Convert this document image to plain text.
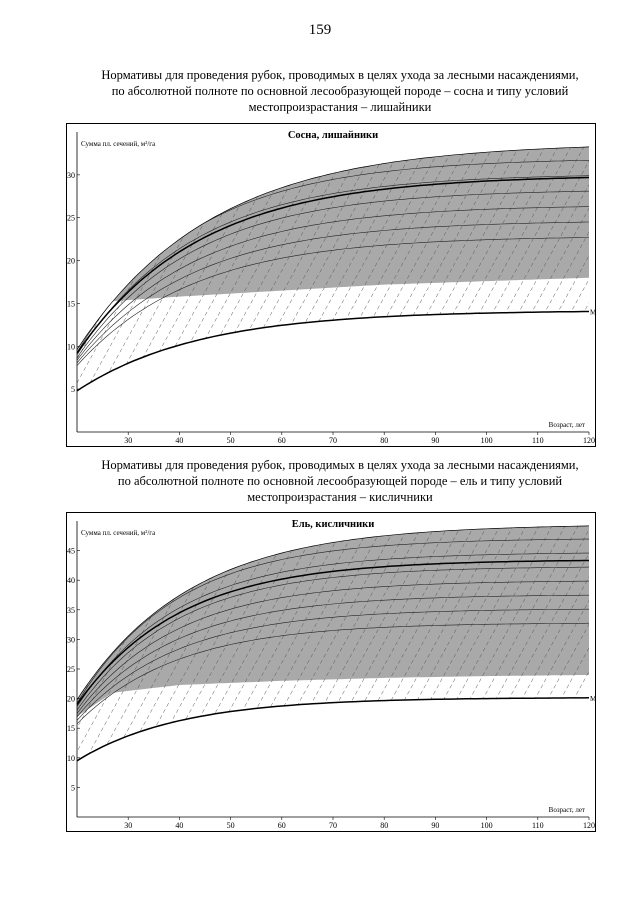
159
Нормативы для проведения рубок, проводимых в целях ухода за лесными насаждениями,
по абсолютной полноте по основной лесообразующей породе – сосна и типу условий
местопроизрастания – лишайники
30	40	50	60	70	80	90	100	110	120
5
10
15
20
25
30
Сосна, лишайники
Сумма пл. сечений, м²/га
Возраст, лет
M
Нормативы для проведения рубок, проводимых в целях ухода за лесными насаждениями,
по абсолютной полноте по основной лесообразующей породе – ель и типу условий
местопроизрастания – кисличники
30	40	50	60	70	80	90	100	110	120
5
10
15
20
25
30
35
40
45
Ель, кисличники
Сумма пл. сечений, м²/га
Возраст, лет
M
